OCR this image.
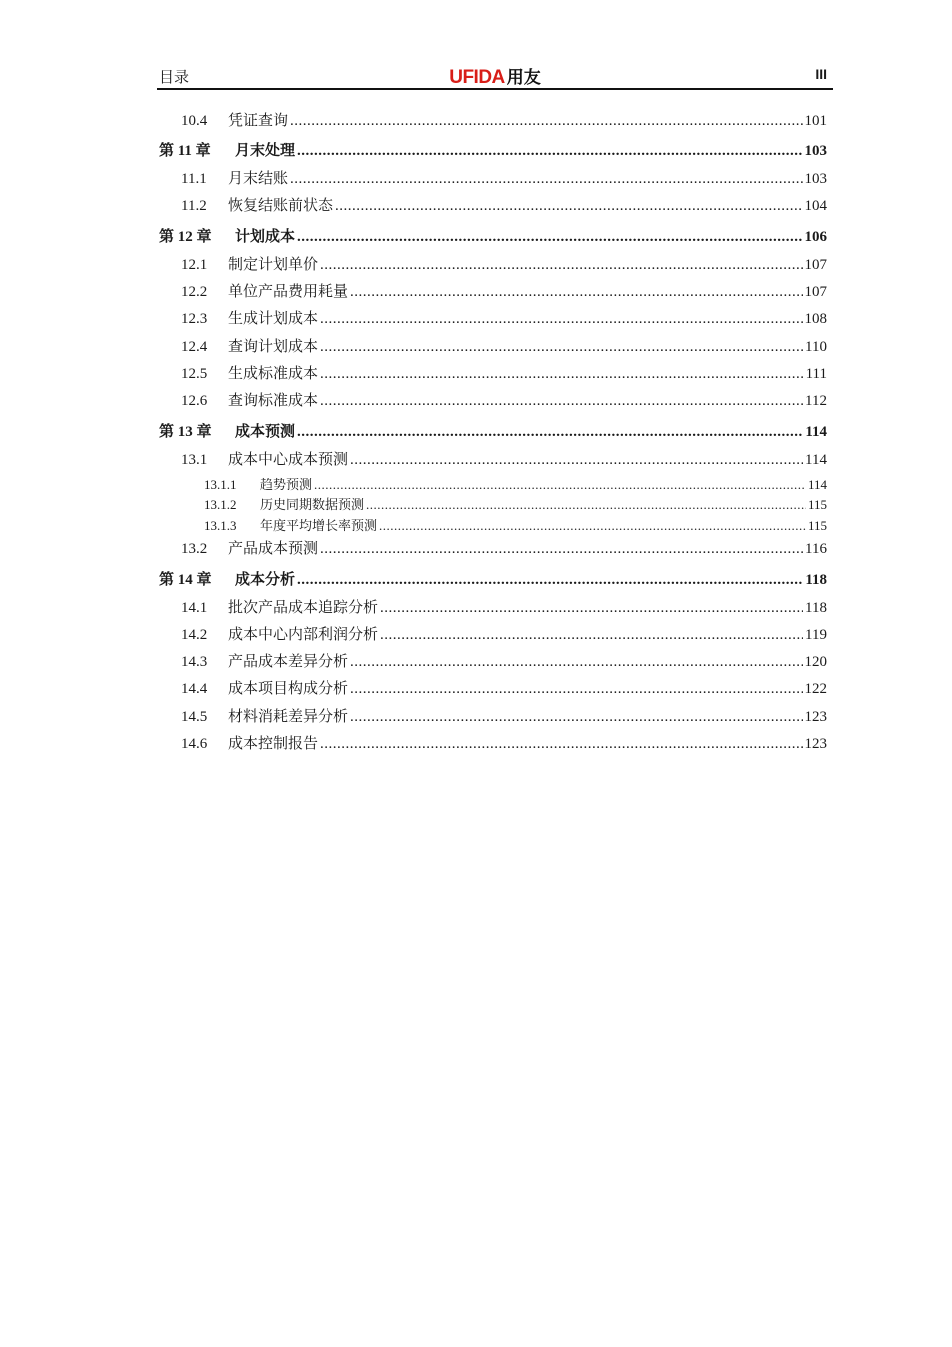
目录	UFIDA 用友	III
10.4	凭证查询 .....	101
第 11 章	月末处理 .....	103
11.1	月末结账 .....	103
11.2	恢复结账前状态 .....	104
第 12 章	计划成本 .....	106
12.1	制定计划单价 .....	107
12.2	单位产品费用耗量 .....	107
12.3	生成计划成本 .....	108
12.4	查询计划成本 .....	110
12.5	生成标准成本 .....	111
12.6	查询标准成本 .....	112
第 13 章	成本预测 .....	114
13.1	成本中心成本预测 .....	114
13.1.1	趋势预测 .....	114
13.1.2	历史同期数据预测 .....	115
13.1.3	年度平均增长率预测 .....	115
13.2	产品成本预测 .....	116
第 14 章	成本分析 .....	118
14.1	批次产品成本追踪分析 .....	118
14.2	成本中心内部利润分析 .....	119
14.3	产品成本差异分析 .....	120
14.4	成本项目构成分析 .....	122
14.5	材料消耗差异分析 .....	123
14.6	成本控制报告 .....	123
